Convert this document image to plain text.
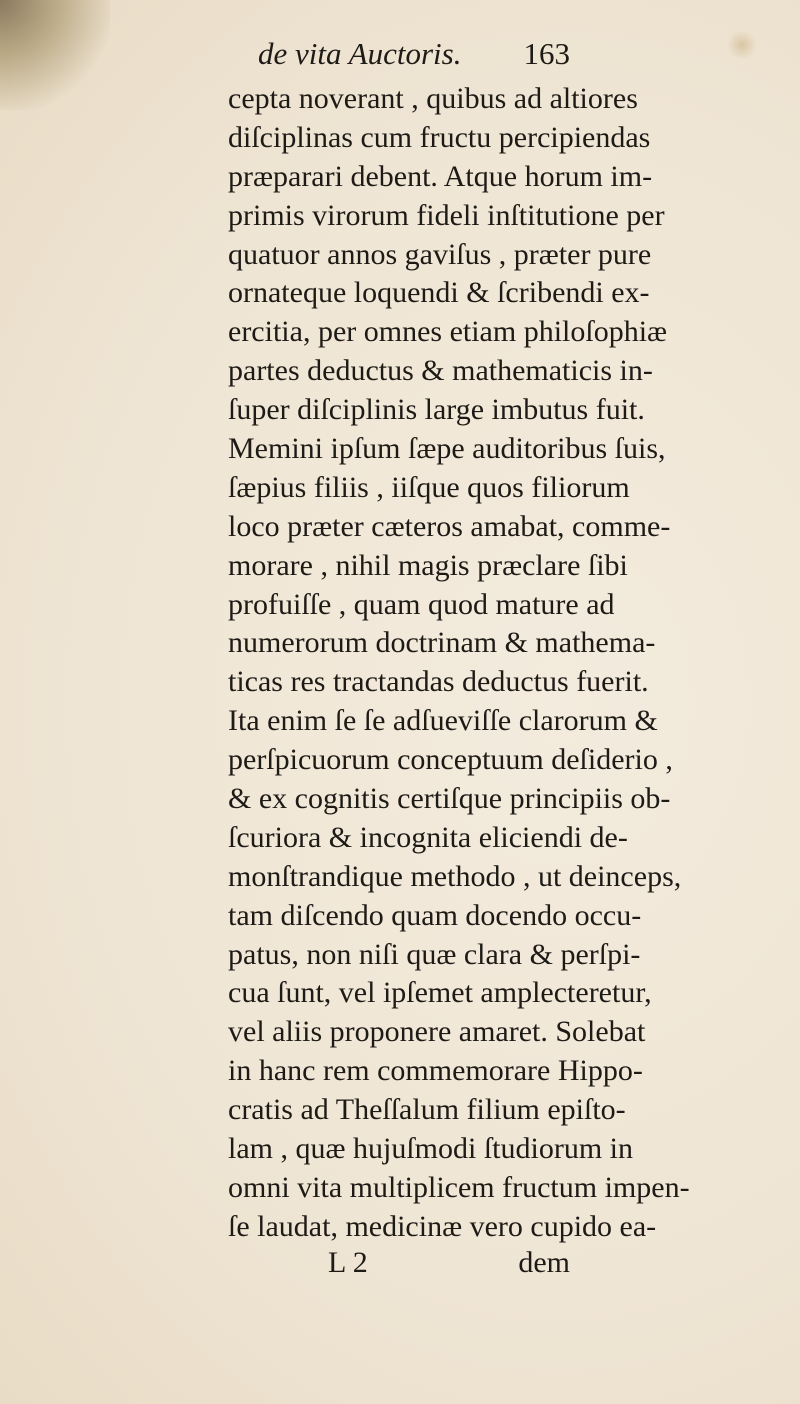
de vita Auctoris. 163
cepta noverant , quibus ad altiores
diſciplinas cum fructu percipiendas
præparari debent. Atque horum im-
primis virorum fideli inſtitutione per
quatuor annos gaviſus , præter pure
ornateque loquendi & ſcribendi ex-
ercitia, per omnes etiam philoſophiæ
partes deductus & mathematicis in-
ſuper diſciplinis large imbutus fuit.
Memini ipſum ſæpe auditoribus ſuis,
ſæpius filiis , iiſque quos filiorum
loco præter cæteros amabat, comme-
morare , nihil magis præclare ſibi
profuiſſe , quam quod mature ad
numerorum doctrinam & mathema-
ticas res tractandas deductus fuerit.
Ita enim ſe ſe adſueviſſe clarorum &
perſpicuorum conceptuum deſiderio ,
& ex cognitis certiſque principiis ob-
ſcuriora & incognita eliciendi de-
monſtrandique methodo , ut deinceps,
tam diſcendo quam docendo occu-
patus, non niſi quæ clara & perſpi-
cua ſunt, vel ipſemet amplecteretur,
vel aliis proponere amaret. Solebat
in hanc rem commemorare Hippo-
cratis ad Theſſalum filium epiſto-
lam , quæ hujuſmodi ſtudiorum in
omni vita multiplicem fructum impen-
ſe laudat, medicinæ vero cupido ea-
L 2	dem
